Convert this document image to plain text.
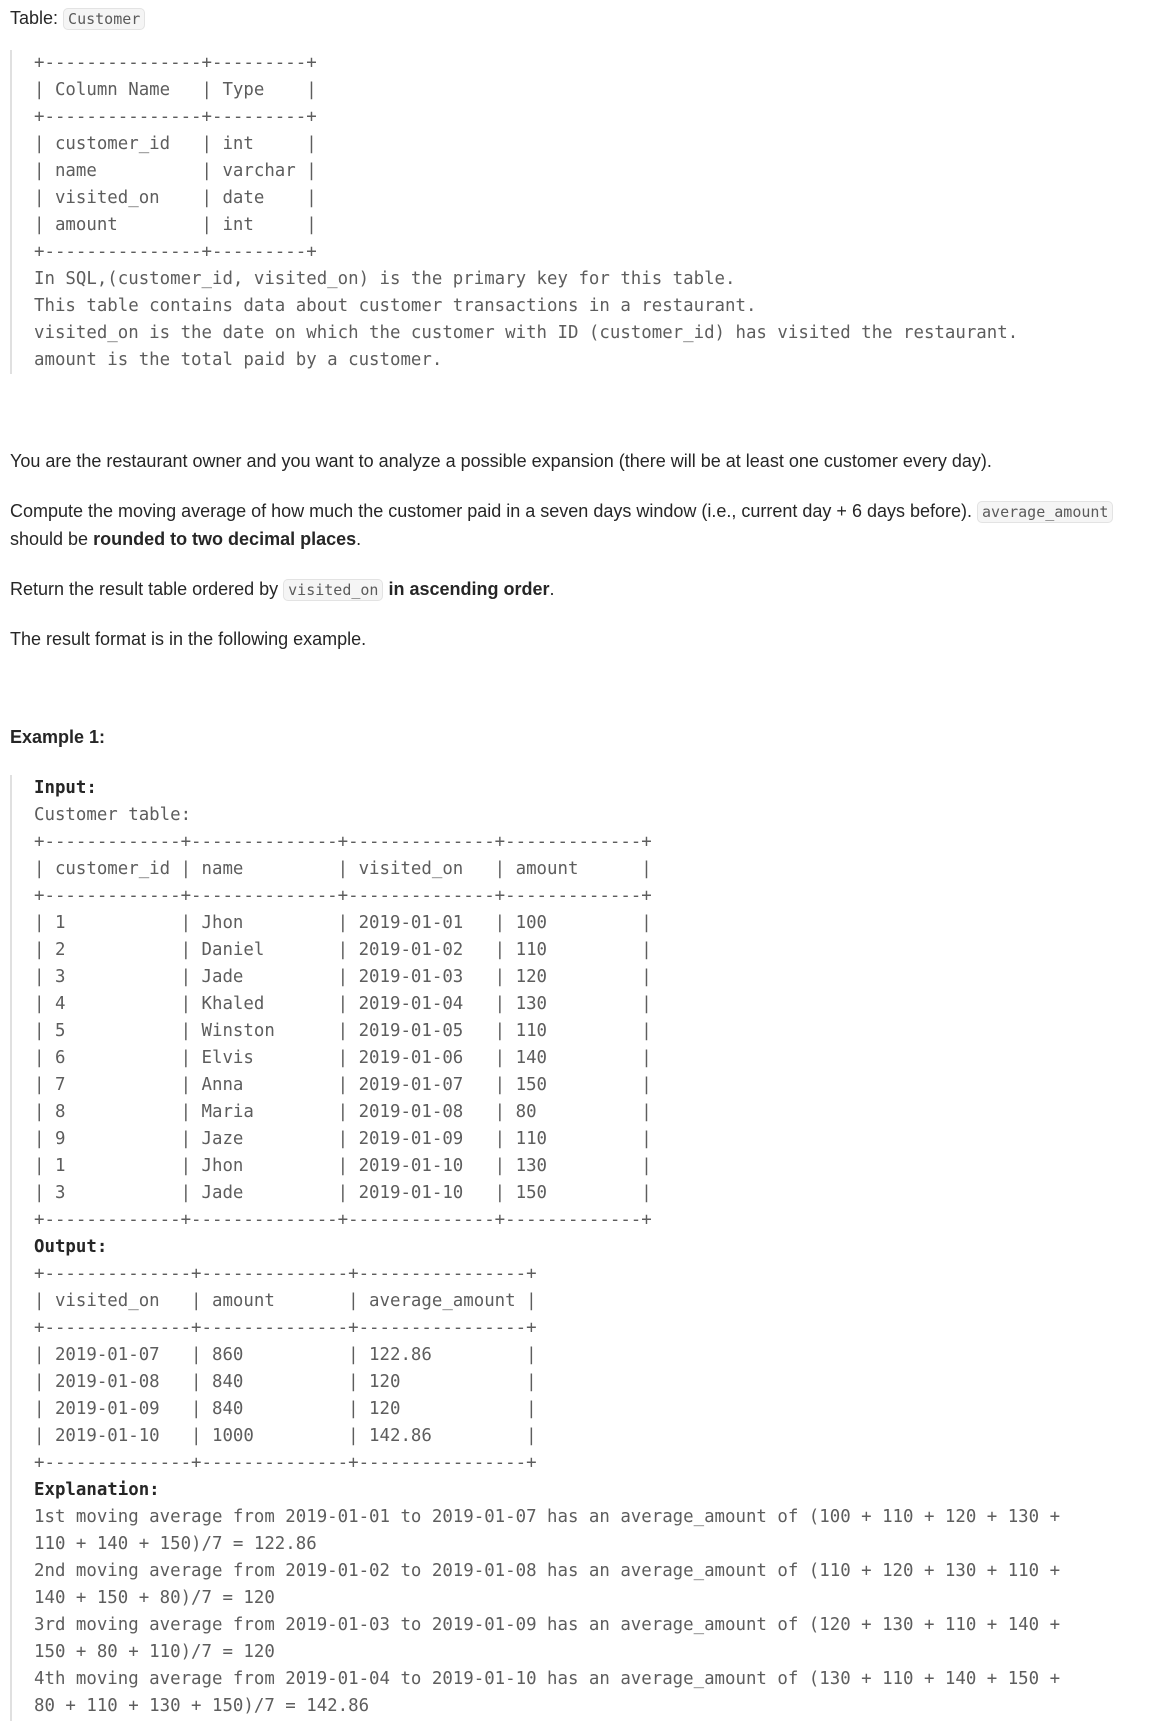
Table: Customer
+---------------+---------+
| Column Name   | Type    |
+---------------+---------+
| customer_id   | int     |
| name          | varchar |
| visited_on    | date    |
| amount        | int     |
+---------------+---------+
In SQL,(customer_id, visited_on) is the primary key for this table.
This table contains data about customer transactions in a restaurant.
visited_on is the date on which the customer with ID (customer_id) has visited the restaurant.
amount is the total paid by a customer.
You are the restaurant owner and you want to analyze a possible expansion (there will be at least one customer every day).
Compute the moving average of how much the customer paid in a seven days window (i.e., current day + 6 days before). average_amount
should be rounded to two decimal places.
Return the result table ordered by visited_on in ascending order.
The result format is in the following example.
Example 1:
Input:
Customer table:
+-------------+--------------+--------------+-------------+
| customer_id | name         | visited_on   | amount      |
+-------------+--------------+--------------+-------------+
| 1           | Jhon         | 2019-01-01   | 100         |
| 2           | Daniel       | 2019-01-02   | 110         |
| 3           | Jade         | 2019-01-03   | 120         |
| 4           | Khaled       | 2019-01-04   | 130         |
| 5           | Winston      | 2019-01-05   | 110         |
| 6           | Elvis        | 2019-01-06   | 140         |
| 7           | Anna         | 2019-01-07   | 150         |
| 8           | Maria        | 2019-01-08   | 80          |
| 9           | Jaze         | 2019-01-09   | 110         |
| 1           | Jhon         | 2019-01-10   | 130         |
| 3           | Jade         | 2019-01-10   | 150         |
+-------------+--------------+--------------+-------------+
Output:
+--------------+--------------+----------------+
| visited_on   | amount       | average_amount |
+--------------+--------------+----------------+
| 2019-01-07   | 860          | 122.86         |
| 2019-01-08   | 840          | 120            |
| 2019-01-09   | 840          | 120            |
| 2019-01-10   | 1000         | 142.86         |
+--------------+--------------+----------------+
Explanation:
1st moving average from 2019-01-01 to 2019-01-07 has an average_amount of (100 + 110 + 120 + 130 +
110 + 140 + 150)/7 = 122.86
2nd moving average from 2019-01-02 to 2019-01-08 has an average_amount of (110 + 120 + 130 + 110 +
140 + 150 + 80)/7 = 120
3rd moving average from 2019-01-03 to 2019-01-09 has an average_amount of (120 + 130 + 110 + 140 +
150 + 80 + 110)/7 = 120
4th moving average from 2019-01-04 to 2019-01-10 has an average_amount of (130 + 110 + 140 + 150 +
80 + 110 + 130 + 150)/7 = 142.86
